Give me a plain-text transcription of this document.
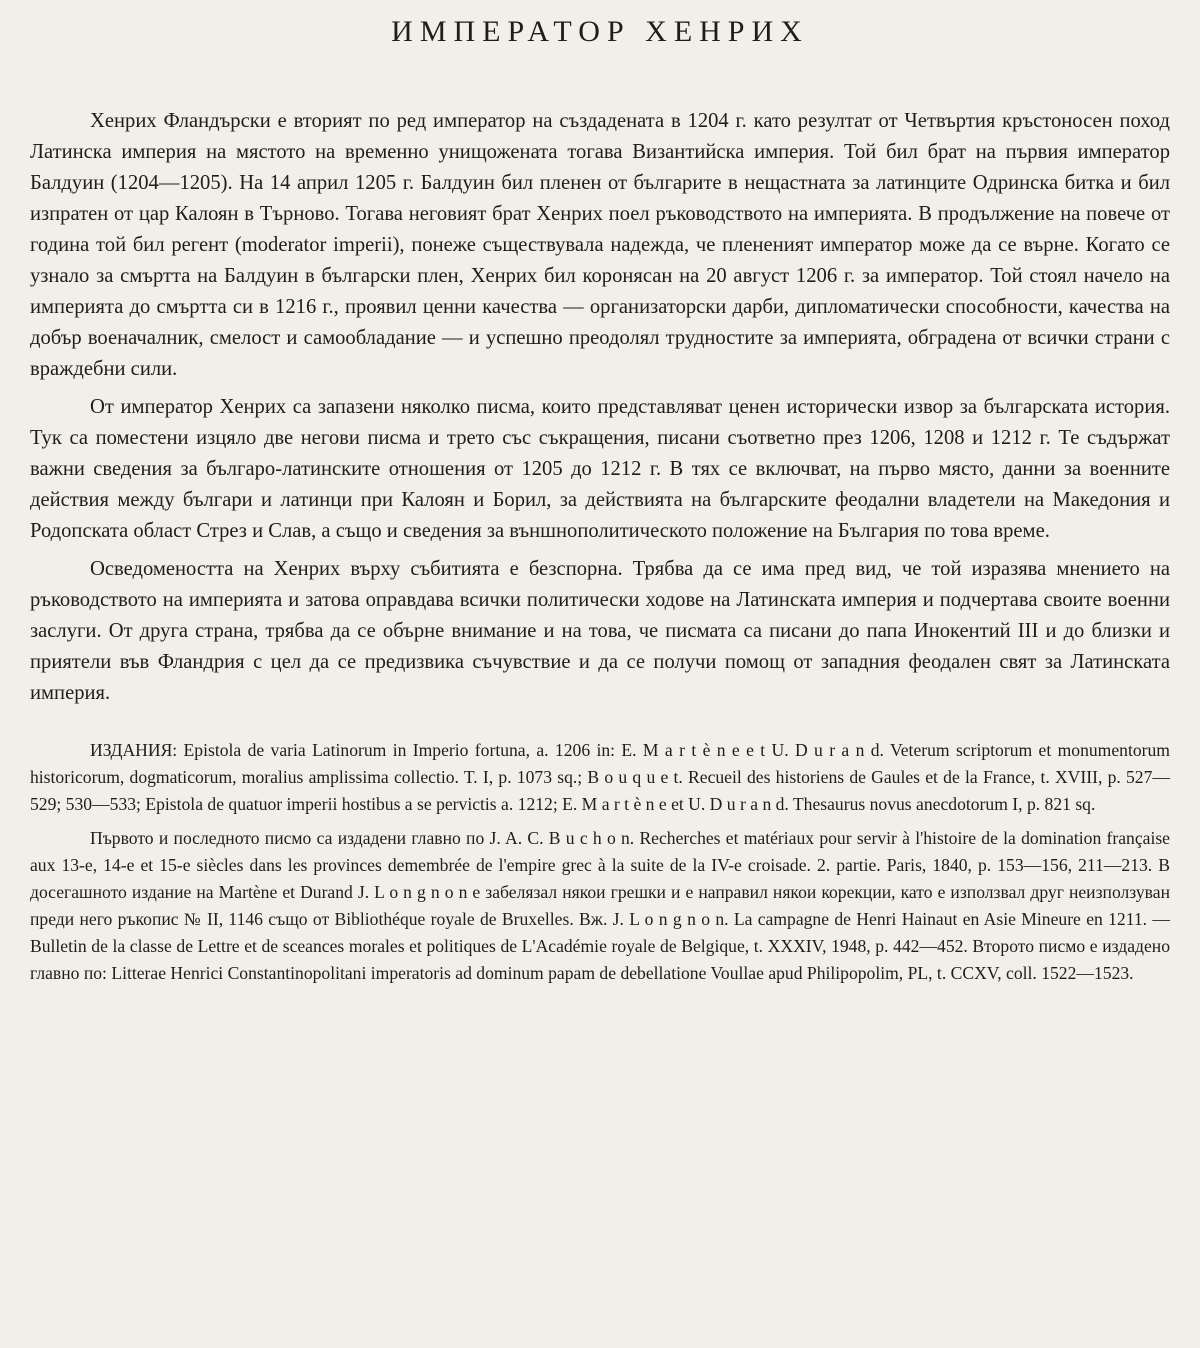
ИМПЕРАТОР ХЕНРИХ

Хенрих Фландърски е вторият по ред император на създадената в 1204 г. като резултат от Четвъртия кръстоносен поход Латинска империя на мястото на временно унищожената тогава Византийска империя. Той бил брат на първия император Балдуин (1204—1205). На 14 април 1205 г. Балдуин бил пленен от българите в нещастната за латинците Одринска битка и бил изпратен от цар Калоян в Търново. Тогава неговият брат Хенрих поел ръководството на империята. В продължение на повече от година той бил регент (moderator imperii), понеже съществувала надежда, че плененият император може да се върне. Когато се узнало за смъртта на Балдуин в български плен, Хенрих бил коронясан на 20 август 1206 г. за император. Той стоял начело на империята до смъртта си в 1216 г., проявил ценни качества — организаторски дарби, дипломатически способности, качества на добър военачалник, смелост и самообладание — и успешно преодолял трудностите за империята, обградена от всички страни с враждебни сили.

От император Хенрих са запазени няколко писма, които представляват ценен исторически извор за българската история. Тук са поместени изцяло две негови писма и трето със съкращения, писани съответно през 1206, 1208 и 1212 г. Те съдържат важни сведения за българо-латинските отношения от 1205 до 1212 г. В тях се включват, на първо място, данни за военните действия между българи и латинци при Калоян и Борил, за действията на българските феодални владетели на Македония и Родопската област Стрез и Слав, а също и сведения за външнополитическото положение на България по това време.

Осведомеността на Хенрих върху събитията е безспорна. Трябва да се има пред вид, че той изразява мнението на ръководството на империята и затова оправдава всички политически ходове на Латинската империя и подчертава своите военни заслуги. От друга страна, трябва да се обърне внимание и на това, че писмата са писани до папа Инокентий III и до близки и приятели във Фландрия с цел да се предизвика съчувствие и да се получи помощ от западния феодален свят за Латинската империя.

ИЗДАНИЯ: Epistola de varia Latinorum in Imperio fortuna, a. 1206 in: E. M a r t è n e e t U. D u r a n d. Veterum scriptorum et monumentorum historicorum, dogmaticorum, moralius amplissima collectio. T. I, p. 1073 sq.; B o u q u e t. Recueil des historiens de Gaules et de la France, t. XVIII, p. 527—529; 530—533; Epistola de quatuor imperii hostibus a se pervictis a. 1212; E. M a r t è n e et U. D u r a n d. Thesaurus novus anecdotorum I, p. 821 sq.

Първото и последното писмо са издадени главно по J. A. C. B u c h o n. Recherches et matériaux pour servir à l'histoire de la domination française aux 13-e, 14-e et 15-e siècles dans les provinces demembrée de l'empire grec à la suite de la IV-e croisade. 2. partie. Paris, 1840, p. 153—156, 211—213. В досегашното издание на Martène et Durand J. L o n g n o n e забелязал някои грешки и е направил някои корекции, като е използвал друг неизползуван преди него ръкопис № II, 1146 също от Bibliothéque royale de Bruxelles. Вж. J. L o n g n o n. La campagne de Henri Hainaut en Asie Mineure en 1211. — Bulletin de la classe de Lettre et de sceances morales et politiques de L'Académie royale de Belgique, t. XXXIV, 1948, p. 442—452. Второто писмо е издадено главно по: Litterae Henrici Constantinopolitani imperatoris ad dominum papam de debellatione Voullae apud Philipopolim, PL, t. CCXV, coll. 1522—1523.
